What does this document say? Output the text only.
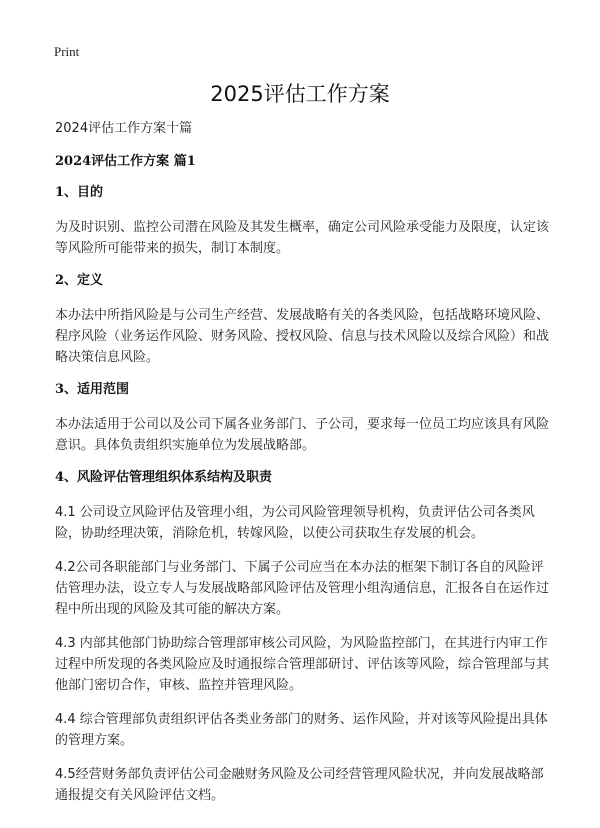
Print
2025评估工作方案

2024评估工作方案十篇

2024评估工作方案 篇1

1、目的

为及时识别、监控公司潜在风险及其发生概率，确定公司风险承受能力及限度，认定该等风险所可能带来的损失，制订本制度。

2、定义

本办法中所指风险是与公司生产经营、发展战略有关的各类风险，包括战略环境风险、程序风险（业务运作风险、财务风险、授权风险、信息与技术风险以及综合风险）和战略决策信息风险。

3、适用范围

本办法适用于公司以及公司下属各业务部门、子公司，要求每一位员工均应该具有风险意识。具体负责组织实施单位为发展战略部。

4、风险评估管理组织体系结构及职责

4.1 公司设立风险评估及管理小组，为公司风险管理领导机构，负责评估公司各类风险，协助经理决策，消除危机，转嫁风险，以使公司获取生存发展的机会。

4.2公司各职能部门与业务部门、下属子公司应当在本办法的框架下制订各自的风险评估管理办法，设立专人与发展战略部风险评估及管理小组沟通信息，汇报各自在运作过程中所出现的风险及其可能的解决方案。

4.3 内部其他部门协助综合管理部审核公司风险，为风险监控部门，在其进行内审工作过程中所发现的各类风险应及时通报综合管理部研讨、评估该等风险，综合管理部与其他部门密切合作，审核、监控并管理风险。

4.4 综合管理部负责组织评估各类业务部门的财务、运作风险，并对该等风险提出具体的管理方案。

4.5经营财务部负责评估公司金融财务风险及公司经营管理风险状况，并向发展战略部通报提交有关风险评估文档。
